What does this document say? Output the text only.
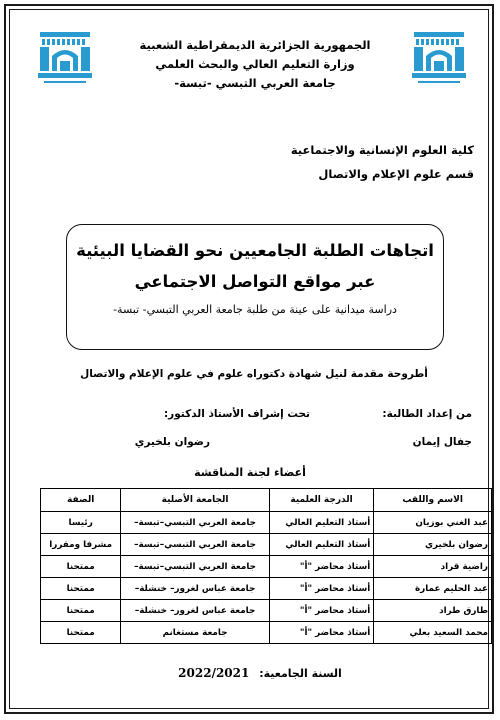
الجمهورية الجزائرية الديمقراطية الشعبية
وزارة التعليم العالي والبحث العلمي
جامعة العربي التبسي -تبسة-
كلية العلوم الإنسانية والاجتماعية
قسم علوم الإعلام والاتصال
اتجاهات الطلبة الجامعيين نحو القضايا البيئية
عبر مواقع التواصل الاجتماعي
دراسة ميدانية على عينة من طلبة جامعة العربي التبسي- تبسة-
أطروحة مقدمة لنيل شهادة دكتوراه علوم في علوم الإعلام والاتصال
من إعداد الطالبة:
تحت إشراف الأستاذ الدكتور:
جفال إيمان
رضوان بلخيري
أعضاء لجنة المناقشة
الاسم واللقب	الدرجة العلمية	الجامعة الأصلية	الصفة
عبد الغني بوزيان	أستاذ التعليم العالي	جامعة العربي التبسي–تبسة–	رئيسا
رضوان بلخيري	أستاذ التعليم العالي	جامعة العربي التبسي–تبسة–	مشرفا ومقررا
راضية قراد	أستاذ محاضر "أ"	جامعة العربي التبسي–تبسة–	ممتحنا
عبد الحليم عمارة	أستاذ محاضر "أ"	جامعة عباس لغرور– خنشلة–	ممتحنا
طارق طراد	أستاذ محاضر "أ"	جامعة عباس لغرور– خنشلة–	ممتحنا
محمد السعيد بعلي	أستاذ محاضر "أ"	جامعة مستغانم	ممتحنا
السنة الجامعية: 2022/2021
